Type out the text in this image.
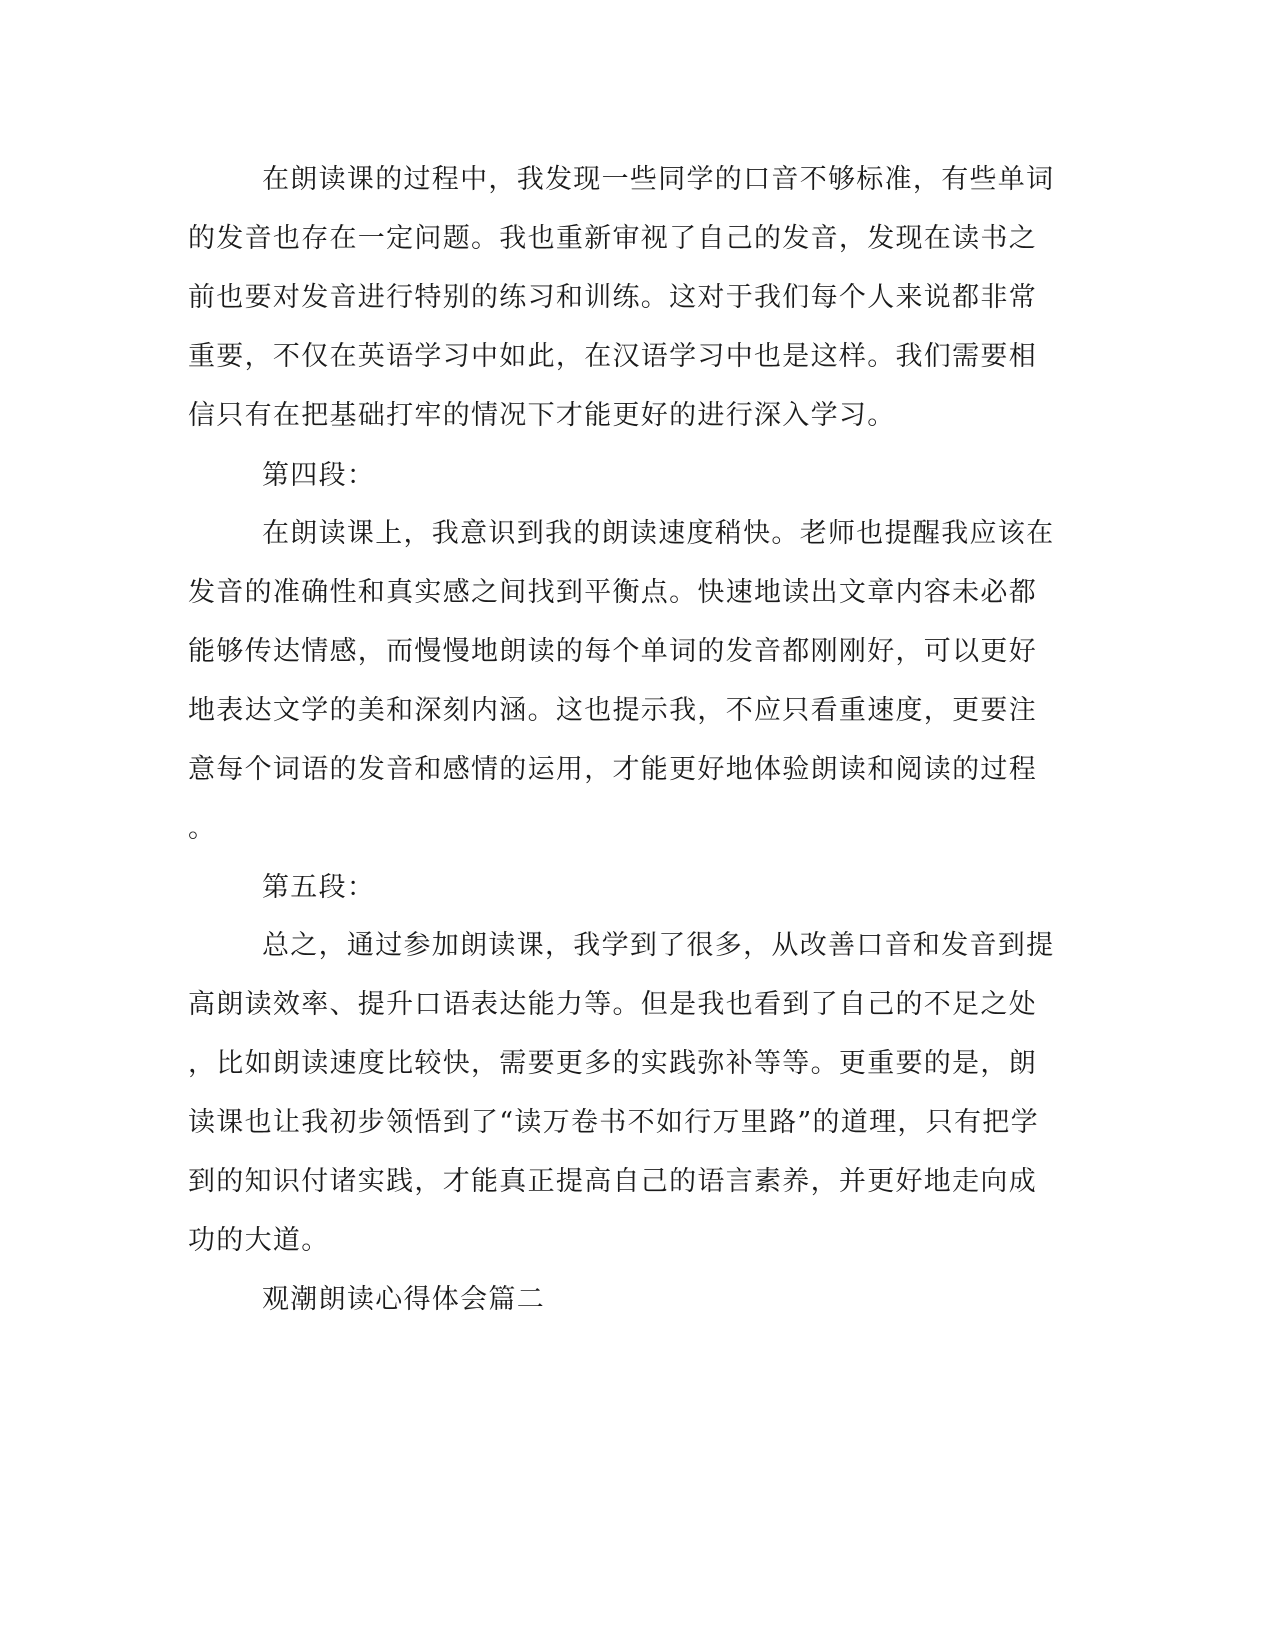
在朗读课的过程中，我发现一些同学的口音不够标准，有些单词
的发音也存在一定问题。我也重新审视了自己的发音，发现在读书之
前也要对发音进行特别的练习和训练。这对于我们每个人来说都非常
重要，不仅在英语学习中如此，在汉语学习中也是这样。我们需要相
信只有在把基础打牢的情况下才能更好的进行深入学习。
第四段：
在朗读课上，我意识到我的朗读速度稍快。老师也提醒我应该在
发音的准确性和真实感之间找到平衡点。快速地读出文章内容未必都
能够传达情感，而慢慢地朗读的每个单词的发音都刚刚好，可以更好
地表达文学的美和深刻内涵。这也提示我，不应只看重速度，更要注
意每个词语的发音和感情的运用，才能更好地体验朗读和阅读的过程
。
第五段：
总之，通过参加朗读课，我学到了很多，从改善口音和发音到提
高朗读效率、提升口语表达能力等。但是我也看到了自己的不足之处
，比如朗读速度比较快，需要更多的实践弥补等等。更重要的是，朗
读课也让我初步领悟到了“读万卷书不如行万里路”的道理，只有把学
到的知识付诸实践，才能真正提高自己的语言素养，并更好地走向成
功的大道。
观潮朗读心得体会篇二
